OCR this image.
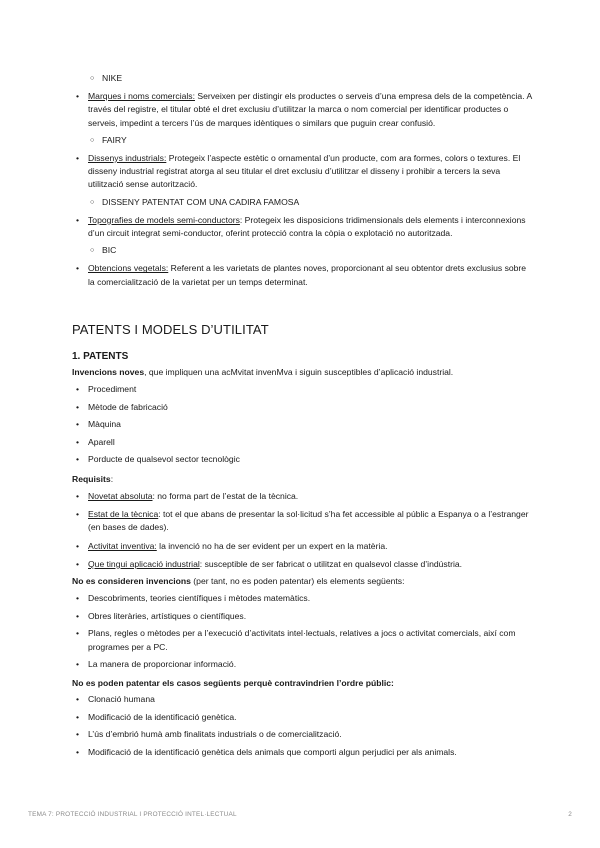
○ NIKE
• Marques i noms comercials: Serveixen per distingir els productes o serveis d’una empresa dels de la competència. A través del registre, el titular obté el dret exclusiu d’utilitzar la marca o nom comercial per identificar productes o serveis, impedint a tercers l’ús de marques idèntiques o similars que puguin crear confusió.
○ FAIRY
• Dissenys industrials: Protegeix l’aspecte estètic o ornamental d’un producte, com ara formes, colors o textures. El disseny industrial registrat atorga al seu titular el dret exclusiu d’utilitzar el disseny i prohibir a tercers la seva utilització sense autorització.
○ DISSENY PATENTAT COM UNA CADIRA FAMOSA
• Topografies de models semi-conductors: Protegeix les disposicions tridimensionals dels elements i interconnexions d’un circuit integrat semi-conductor, oferint protecció contra la còpia o explotació no autoritzada.
○ BIC
• Obtencions vegetals: Referent a les varietats de plantes noves, proporcionant al seu obtentor drets exclusius sobre la comercialització de la varietat per un temps determinat.
PATENTS I MODELS D’UTILITAT
1. PATENTS
Invencions noves, que impliquen una acMvitat invenMva i siguin susceptibles d’aplicació industrial.
• Procediment
• Mètode de fabricació
• Màquina
• Aparell
• Porducte de qualsevol sector tecnològic
Requisits:
• Novetat absoluta: no forma part de l’estat de la tècnica.
• Estat de la tècnica: tot el que abans de presentar la sol·licitud s’ha fet accessible al públic a Espanya o a l’estranger (en bases de dades).
• Activitat inventiva: la invenció no ha de ser evident per un expert en la matèria.
• Que tingui aplicació industrial: susceptible de ser fabricat o utilitzat en qualsevol classe d’indústria.
No es consideren invencions (per tant, no es poden patentar) els elements següents:
• Descobriments, teories científiques i mètodes matemàtics.
• Obres literàries, artístiques o científiques.
• Plans, regles o mètodes per a l’execució d’activitats intel·lectuals, relatives a jocs o activitat comercials, així com programes per a PC.
• La manera de proporcionar informació.
No es poden patentar els casos següents perquè contravindrien l’ordre públic:
• Clonació humana
• Modificació de la identificació genètica.
• L’ús d’embrió humà amb finalitats industrials o de comercialització.
• Modificació de la identificació genètica dels animals que comporti algun perjudici per als animals.
TEMA 7: PROTECCIÓ INDUSTRIAL I PROTECCIÓ INTEL·LECTUAL	2
